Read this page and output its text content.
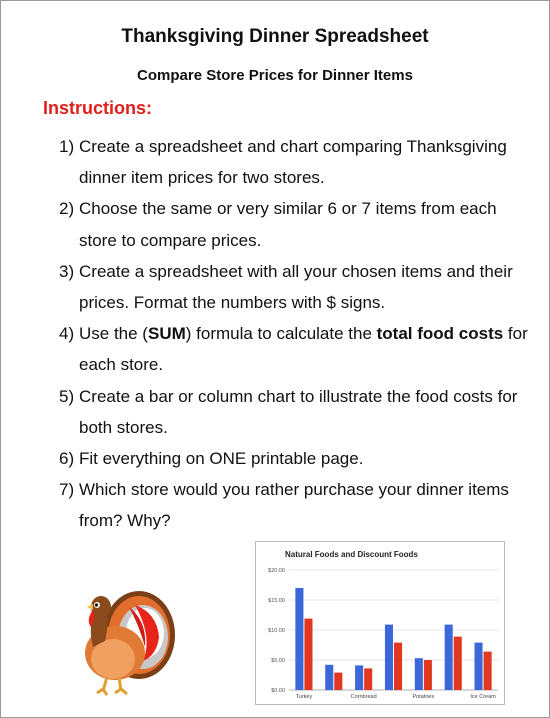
Thanksgiving Dinner Spreadsheet
Compare Store Prices for Dinner Items
Instructions:
1) Create a spreadsheet and chart comparing Thanksgiving dinner item prices for two stores.
2) Choose the same or very similar 6 or 7 items from each store to compare prices.
3) Create a spreadsheet with all your chosen items and their prices. Format the numbers with $ signs.
4) Use the (SUM) formula to calculate the total food costs for each store.
5) Create a bar or column chart to illustrate the food costs for both stores.
6) Fit everything on ONE printable page.
7) Which store would you rather purchase your dinner items from? Why?
Natural Foods and Discount Foods
$0.00
$5.00
$10.00
$15.00
$20.00
Turkey	Cornbread	Potatoes	Ice Cream
